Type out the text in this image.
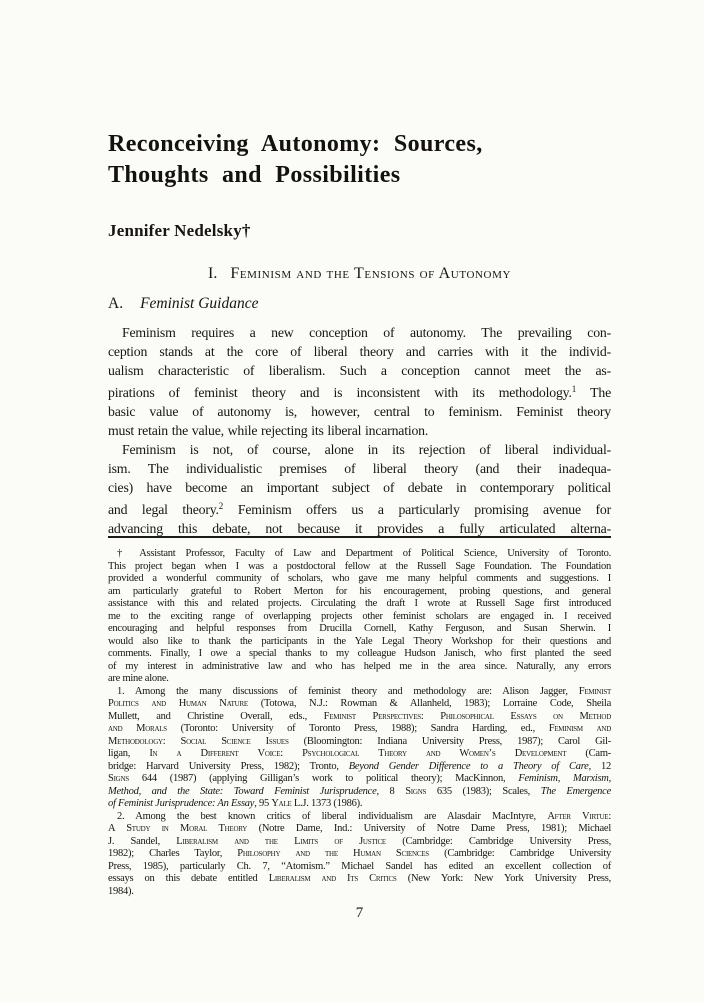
Reconceiving Autonomy: Sources,
Thoughts and Possibilities
Jennifer Nedelsky†
I. Feminism and the Tensions of Autonomy
A. Feminist Guidance
Feminism requires a new conception of autonomy. The prevailing con-
ception stands at the core of liberal theory and carries with it the individ-
ualism characteristic of liberalism. Such a conception cannot meet the as-
pirations of feminist theory and is inconsistent with its methodology.$^1$ The
basic value of autonomy is, however, central to feminism. Feminist theory
must retain the value, while rejecting its liberal incarnation.
Feminism is not, of course, alone in its rejection of liberal individual-
ism. The individualistic premises of liberal theory (and their inadequa-
cies) have become an important subject of debate in contemporary political
and legal theory.$^2$ Feminism offers us a particularly promising avenue for
advancing this debate, not because it provides a fully articulated alterna-
† Assistant Professor, Faculty of Law and Department of Political Science, University of Toronto.
This project began when I was a postdoctoral fellow at the Russell Sage Foundation. The Foundation
provided a wonderful community of scholars, who gave me many helpful comments and suggestions. I
am particularly grateful to Robert Merton for his encouragement, probing questions, and general
assistance with this and related projects. Circulating the draft I wrote at Russell Sage first introduced
me to the exciting range of overlapping projects other feminist scholars are engaged in. I received
encouraging and helpful responses from Drucilla Cornell, Kathy Ferguson, and Susan Sherwin. I
would also like to thank the participants in the Yale Legal Theory Workshop for their questions and
comments. Finally, I owe a special thanks to my colleague Hudson Janisch, who first planted the seed
of my interest in administrative law and who has helped me in the area since. Naturally, any errors
are mine alone.
1. Among the many discussions of feminist theory and methodology are: Alison Jagger, Feminist
Politics and Human Nature (Totowa, N.J.: Rowman & Allanheld, 1983); Lorraine Code, Sheila
Mullett, and Christine Overall, eds., Feminist Perspectives: Philosophical Essays on Method
and Morals (Toronto: University of Toronto Press, 1988); Sandra Harding, ed., Feminism and
Methodology: Social Science Issues (Bloomington: Indiana University Press, 1987); Carol Gil-
ligan, In a Different Voice: Psychological Theory and Women’s Development (Cam-
bridge: Harvard University Press, 1982); Tronto, Beyond Gender Difference to a Theory of Care, 12
Signs 644 (1987) (applying Gilligan’s work to political theory); MacKinnon, Feminism, Marxism,
Method, and the State: Toward Feminist Jurisprudence, 8 Signs 635 (1983); Scales, The Emergence
of Feminist Jurisprudence: An Essay, 95 Yale L.J. 1373 (1986).
2. Among the best known critics of liberal individualism are Alasdair MacIntyre, After Virtue:
A Study in Moral Theory (Notre Dame, Ind.: University of Notre Dame Press, 1981); Michael
J. Sandel, Liberalism and the Limits of Justice (Cambridge: Cambridge University Press,
1982); Charles Taylor, Philosophy and the Human Sciences (Cambridge: Cambridge University
Press, 1985), particularly Ch. 7, “Atomism.” Michael Sandel has edited an excellent collection of
essays on this debate entitled Liberalism and Its Critics (New York: New York University Press,
1984).
7
